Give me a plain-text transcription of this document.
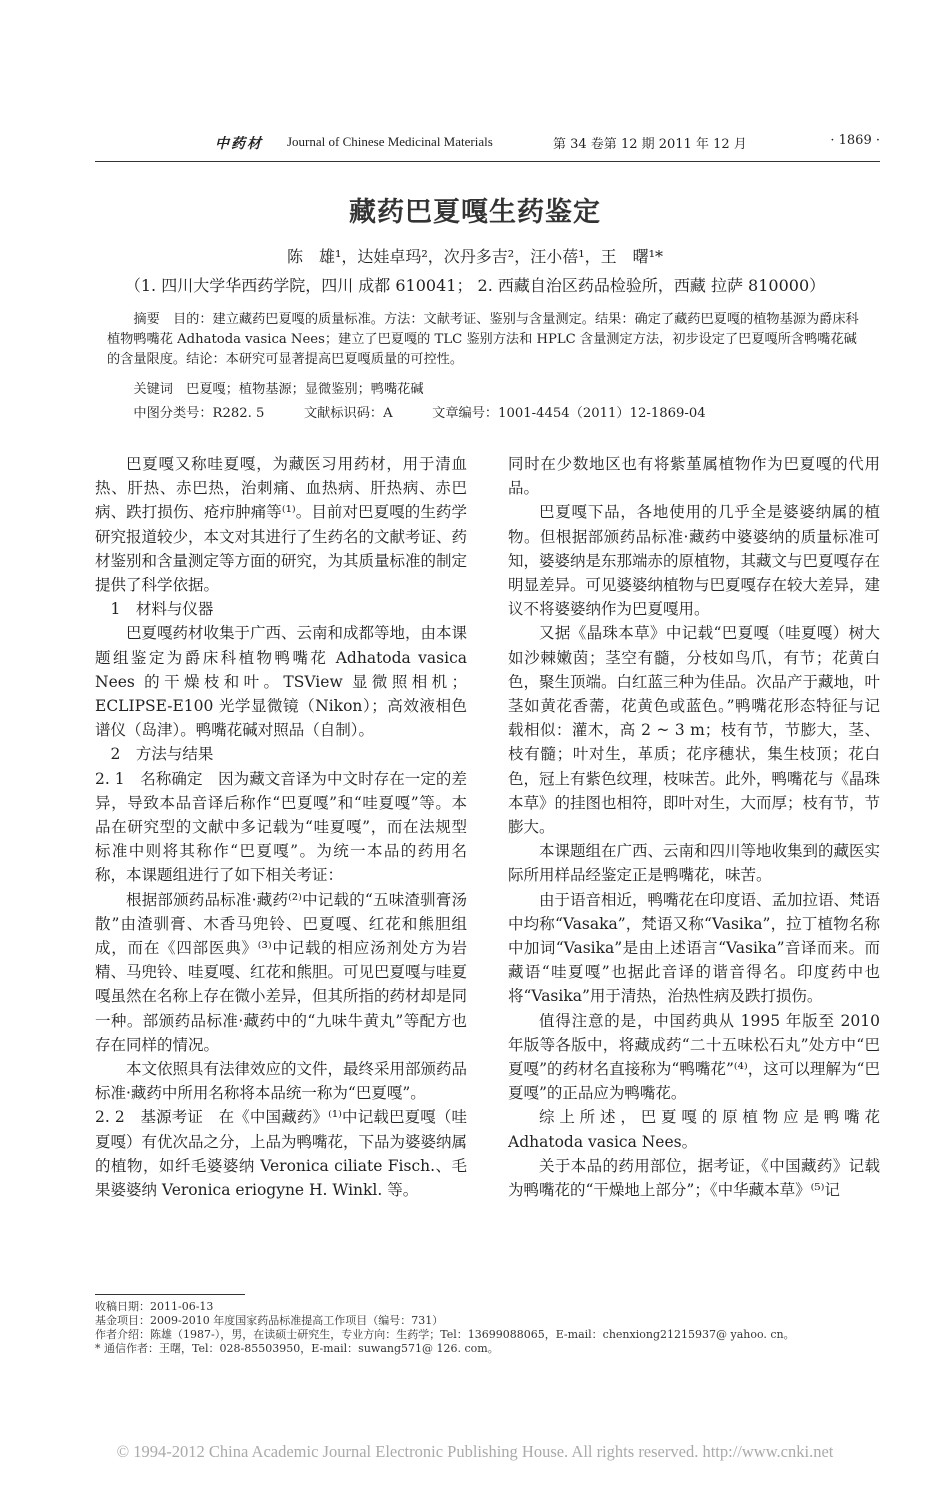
中药材 Journal of Chinese Medicinal Materials	第 34 卷第 12 期 2011 年 12 月	· 1869 ·
藏药巴夏嘎生药鉴定
陈　雄¹，达娃卓玛²，次丹多吉²，汪小蓓¹，王　曙¹*
（1. 四川大学华西药学院，四川 成都 610041； 2. 西藏自治区药品检验所，西藏 拉萨 810000）

摘要　目的：建立藏药巴夏嘎的质量标准。方法：文献考证、鉴别与含量测定。结果：确定了藏药巴夏嘎的植物基源为爵床科植物鸭嘴花 Adhatoda vasica Nees；建立了巴夏嘎的 TLC 鉴别方法和 HPLC 含量测定方法，初步设定了巴夏嘎所含鸭嘴花碱的含量限度。结论：本研究可显著提高巴夏嘎质量的可控性。

关键词　巴夏嘎；植物基源；显微鉴别；鸭嘴花碱

中图分类号：R282. 5　　　文献标识码：A　　　文章编号：1001-4454（2011）12-1869-04

巴夏嘎又称哇夏嘎，为藏医习用药材，用于清血热、肝热、赤巴热，治刺痛、血热病、肝热病、赤巴病、跌打损伤、疮疖肿痛等⁽¹⁾。目前对巴夏嘎的生药学研究报道较少，本文对其进行了生药名的文献考证、药材鉴别和含量测定等方面的研究，为其质量标准的制定提供了科学依据。

1　材料与仪器

巴夏嘎药材收集于广西、云南和成都等地，由本课题组鉴定为爵床科植物鸭嘴花 Adhatoda vasica Nees 的干燥枝和叶。TSView 显微照相机；ECLIPSE-E100 光学显微镜（Nikon）；高效液相色谱仪（岛津）。鸭嘴花碱对照品（自制）。

2　方法与结果

2. 1　名称确定　因为藏文音译为中文时存在一定的差异，导致本品音译后称作“巴夏嘎”和“哇夏嘎”等。本品在研究型的文献中多记载为“哇夏嘎”，而在法规型标准中则将其称作“巴夏嘎”。为统一本品的药用名称，本课题组进行了如下相关考证：

根据部颁药品标准·藏药⁽²⁾中记载的“五味渣驯膏汤散”由渣驯膏、木香马兜铃、巴夏嘎、红花和熊胆组成，而在《四部医典》⁽³⁾中记载的相应汤剂处方为岩精、马兜铃、哇夏嘎、红花和熊胆。可见巴夏嘎与哇夏嘎虽然在名称上存在微小差异，但其所指的药材却是同一种。部颁药品标准·藏药中的“九味牛黄丸”等配方也存在同样的情况。

本文依照具有法律效应的文件，最终采用部颁药品标准·藏药中所用名称将本品统一称为“巴夏嘎”。

2. 2　基源考证　在《中国藏药》⁽¹⁾中记载巴夏嘎（哇夏嘎）有优次品之分，上品为鸭嘴花，下品为婆婆纳属的植物，如纤毛婆婆纳 Veronica ciliate Fisch.、毛果婆婆纳 Veronica eriogyne H. Winkl. 等。

同时在少数地区也有将紫堇属植物作为巴夏嘎的代用品。

巴夏嘎下品，各地使用的几乎全是婆婆纳属的植物。但根据部颁药品标准·藏药中婆婆纳的质量标准可知，婆婆纳是东那端赤的原植物，其藏文与巴夏嘎存在明显差异。可见婆婆纳植物与巴夏嘎存在较大差异，建议不将婆婆纳作为巴夏嘎用。

又据《晶珠本草》中记载“巴夏嘎（哇夏嘎）树大如沙棘嫩茵；茎空有髓，分枝如鸟爪，有节；花黄白色，聚生顶端。白红蓝三种为佳品。次品产于藏地，叶茎如黄花香薷，花黄色或蓝色。”鸭嘴花形态特征与记载相似：灌木，高 2 ~ 3 m；枝有节，节膨大，茎、枝有髓；叶对生，革质；花序穗状，集生枝顶；花白色，冠上有紫色纹理，枝味苦。此外，鸭嘴花与《晶珠本草》的挂图也相符，即叶对生，大而厚；枝有节，节膨大。

本课题组在广西、云南和四川等地收集到的藏医实际所用样品经鉴定正是鸭嘴花，味苦。

由于语音相近，鸭嘴花在印度语、孟加拉语、梵语中均称“Vasaka”，梵语又称“Vasika”，拉丁植物名称中加词“Vasika”是由上述语言“Vasika”音译而来。而藏语“哇夏嘎”也据此音译的谐音得名。印度药中也将“Vasika”用于清热，治热性病及跌打损伤。

值得注意的是，中国药典从 1995 年版至 2010 年版等各版中，将藏成药“二十五味松石丸”处方中“巴夏嘎”的药材名直接称为“鸭嘴花”⁽⁴⁾，这可以理解为“巴夏嘎”的正品应为鸭嘴花。

综上所述，巴夏嘎的原植物应是鸭嘴花 Adhatoda vasica Nees。

关于本品的药用部位，据考证，《中国藏药》记载为鸭嘴花的“干燥地上部分”；《中华藏本草》⁽⁵⁾记

收稿日期：2011-06-13

基金项目：2009-2010 年度国家药品标准提高工作项目（编号：731）

作者介绍：陈雄（1987-），男，在读硕士研究生，专业方向：生药学；Tel：13699088065，E-mail：chenxiong21215937@ yahoo. cn。

* 通信作者：王曙，Tel：028-85503950，E-mail：suwang571@ 126. com。

© 1994-2012 China Academic Journal Electronic Publishing House. All rights reserved. http://www.cnki.net
